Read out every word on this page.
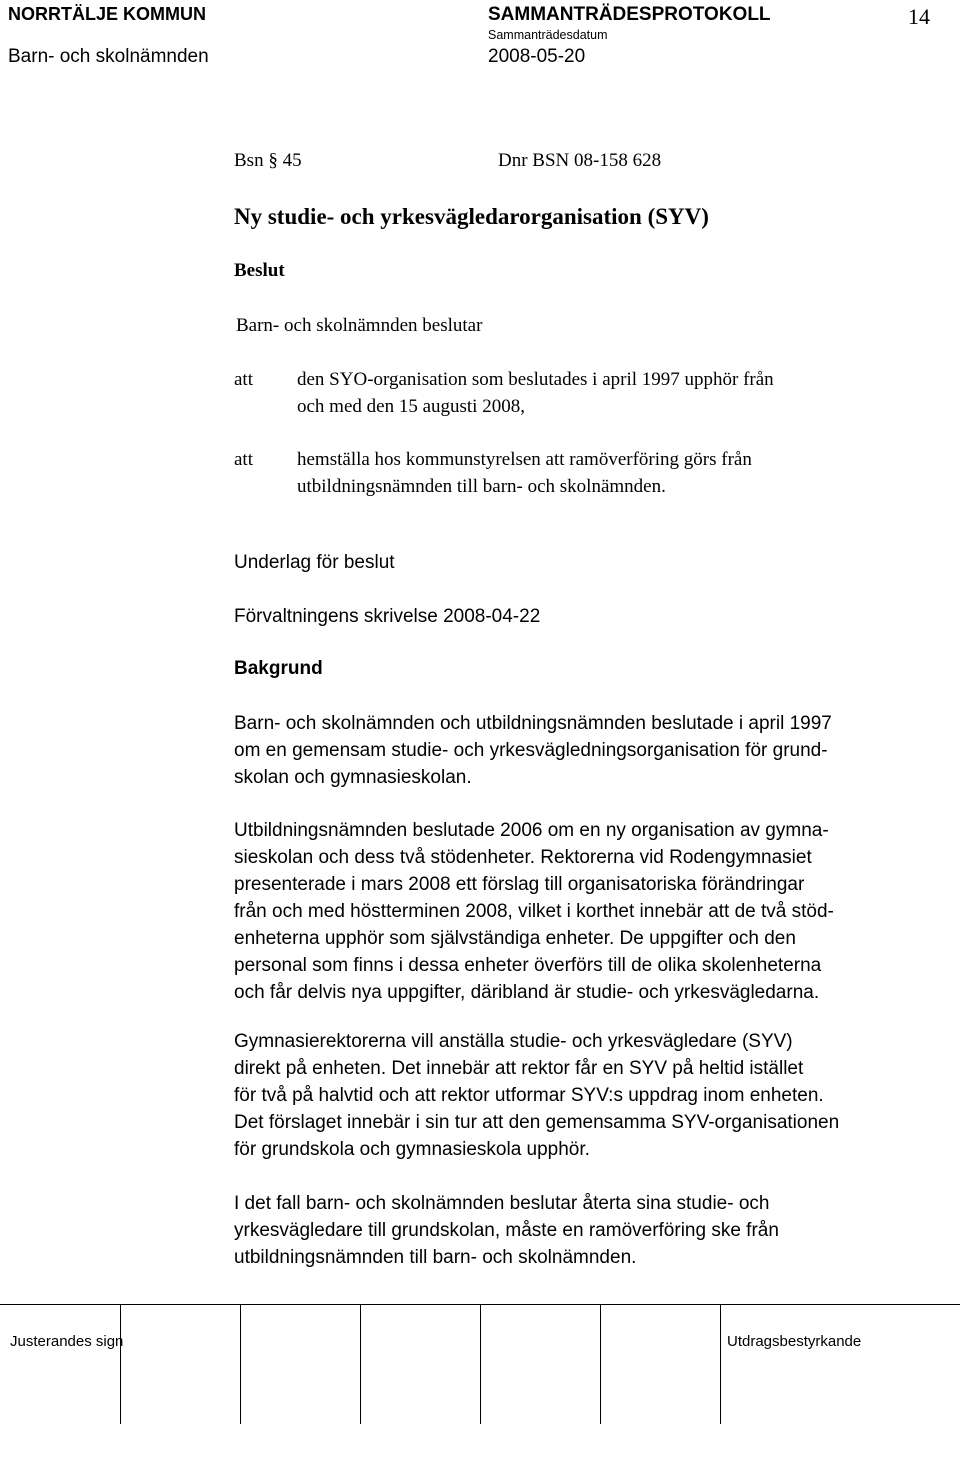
NORRTÄLJE KOMMUN	SAMMANTRÄDESPROTOKOLL	14
Sammanträdesdatum
Barn- och skolnämnden	2008-05-20
Bsn § 45	Dnr BSN 08-158 628
Ny studie- och yrkesvägledarorganisation (SYV)
Beslut
Barn- och skolnämnden beslutar
att den SYO-organisation som beslutades i april 1997 upphör från
och med den 15 augusti 2008,
att hemställa hos kommunstyrelsen att ramöverföring görs från
utbildningsnämnden till barn- och skolnämnden.
Underlag för beslut
Förvaltningens skrivelse 2008-04-22
Bakgrund
Barn- och skolnämnden och utbildningsnämnden beslutade i april 1997
om en gemensam studie- och yrkesvägledningsorganisation för grund-
skolan och gymnasieskolan.
Utbildningsnämnden beslutade 2006 om en ny organisation av gymna-
sieskolan och dess två stödenheter. Rektorerna vid Rodengymnasiet
presenterade i mars 2008 ett förslag till organisatoriska förändringar
från och med höstterminen 2008, vilket i korthet innebär att de två stöd-
enheterna upphör som självständiga enheter. De uppgifter och den
personal som finns i dessa enheter överförs till de olika skolenheterna
och får delvis nya uppgifter, däribland är studie- och yrkesvägledarna.
Gymnasierektorerna vill anställa studie- och yrkesvägledare (SYV)
direkt på enheten. Det innebär att rektor får en SYV på heltid istället
för två på halvtid och att rektor utformar SYV:s uppdrag inom enheten.
Det förslaget innebär i sin tur att den gemensamma SYV-organisationen
för grundskola och gymnasieskola upphör.
I det fall barn- och skolnämnden beslutar återta sina studie- och
yrkesvägledare till grundskolan, måste en ramöverföring ske från
utbildningsnämnden till barn- och skolnämnden.
Justerandes sign	Utdragsbestyrkande
